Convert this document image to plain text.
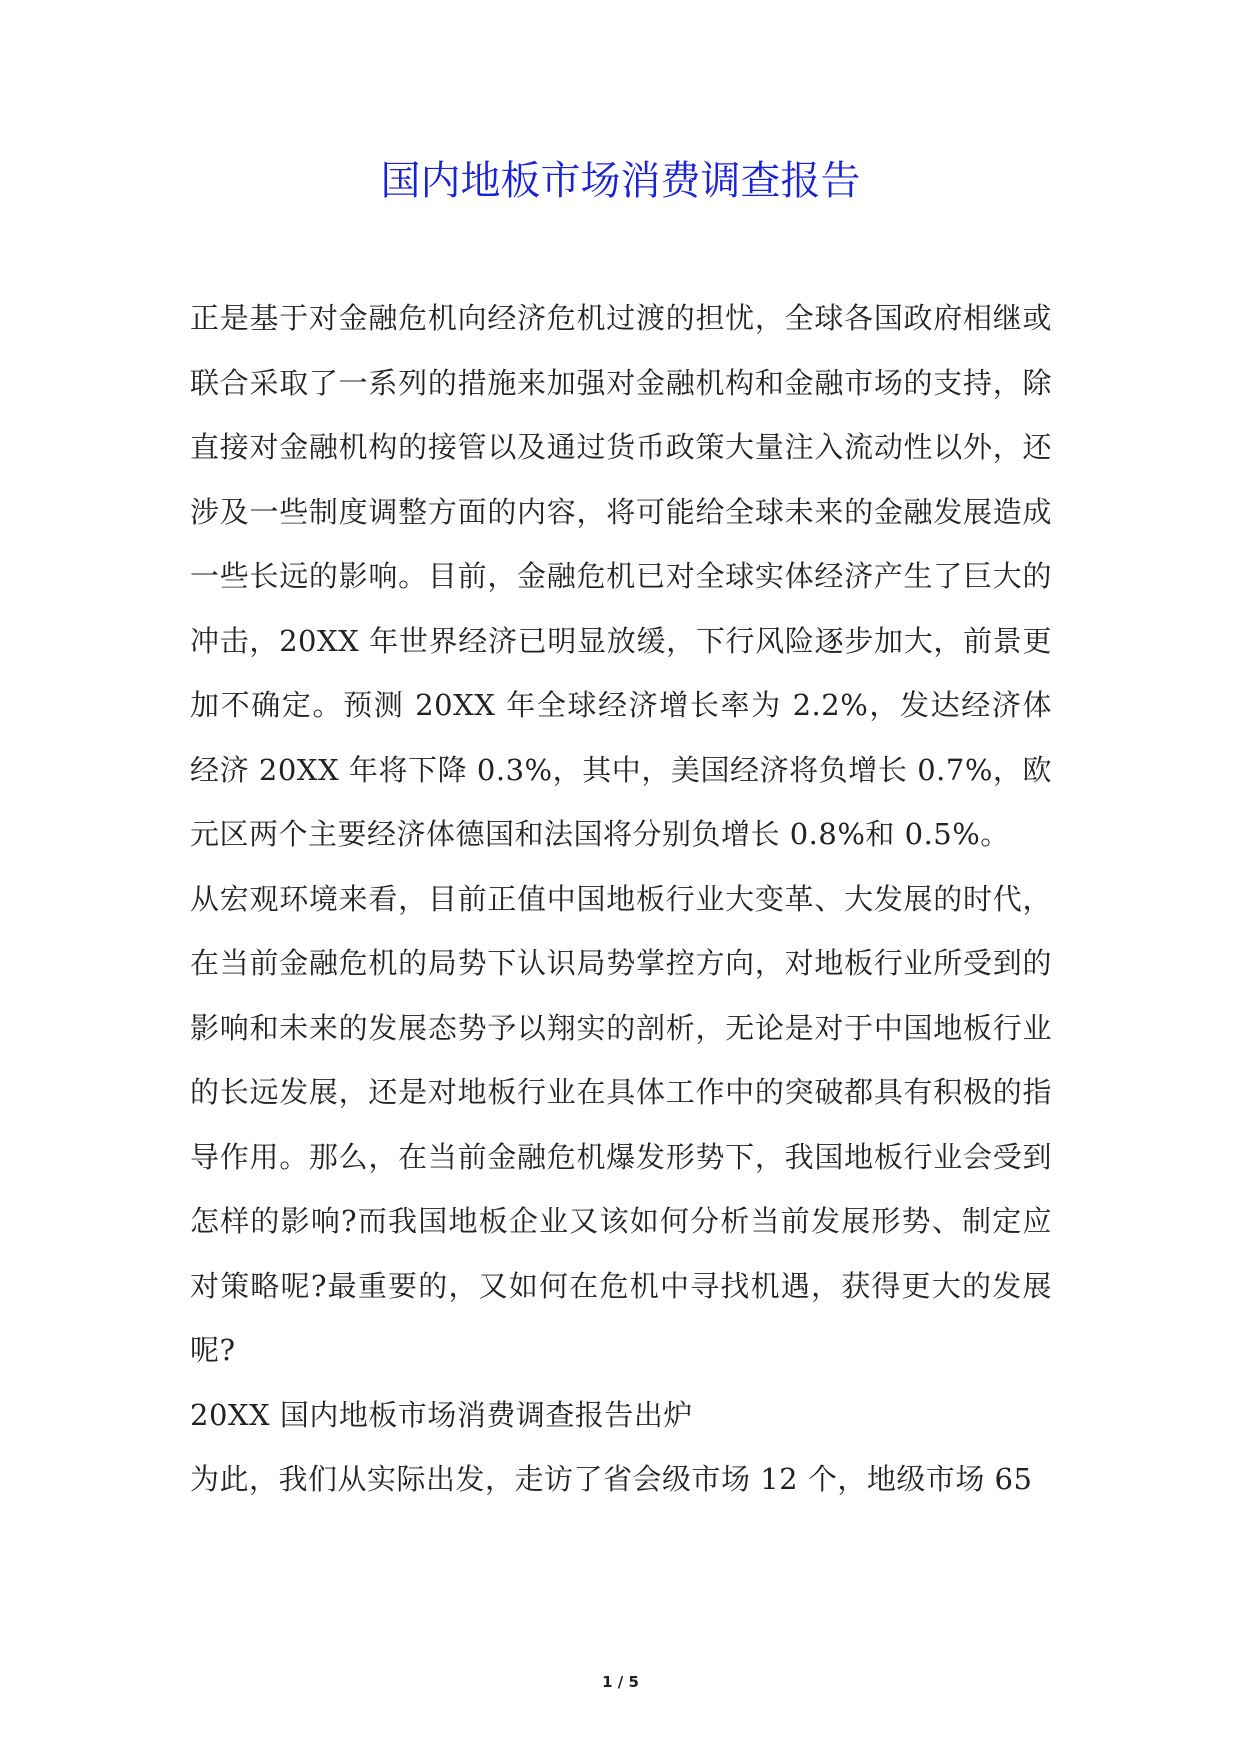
国内地板市场消费调查报告

正是基于对金融危机向经济危机过渡的担忧，全球各国政府相继或联合采取了一系列的措施来加强对金融机构和金融市场的支持，除直接对金融机构的接管以及通过货币政策大量注入流动性以外，还涉及一些制度调整方面的内容，将可能给全球未来的金融发展造成一些长远的影响。目前，金融危机已对全球实体经济产生了巨大的冲击，20XX 年世界经济已明显放缓，下行风险逐步加大，前景更加不确定。预测 20XX 年全球经济增长率为 2.2%，发达经济体经济 20XX 年将下降 0.3%，其中，美国经济将负增长 0.7%，欧元区两个主要经济体德国和法国将分别负增长 0.8%和 0.5%。

从宏观环境来看，目前正值中国地板行业大变革、大发展的时代，在当前金融危机的局势下认识局势掌控方向，对地板行业所受到的影响和未来的发展态势予以翔实的剖析，无论是对于中国地板行业的长远发展，还是对地板行业在具体工作中的突破都具有积极的指导作用。那么，在当前金融危机爆发形势下，我国地板行业会受到怎样的影响?而我国地板企业又该如何分析当前发展形势、制定应对策略呢?最重要的，又如何在危机中寻找机遇，获得更大的发展呢?

20XX 国内地板市场消费调查报告出炉

为此，我们从实际出发，走访了省会级市场 12 个，地级市场 65

1 / 5
